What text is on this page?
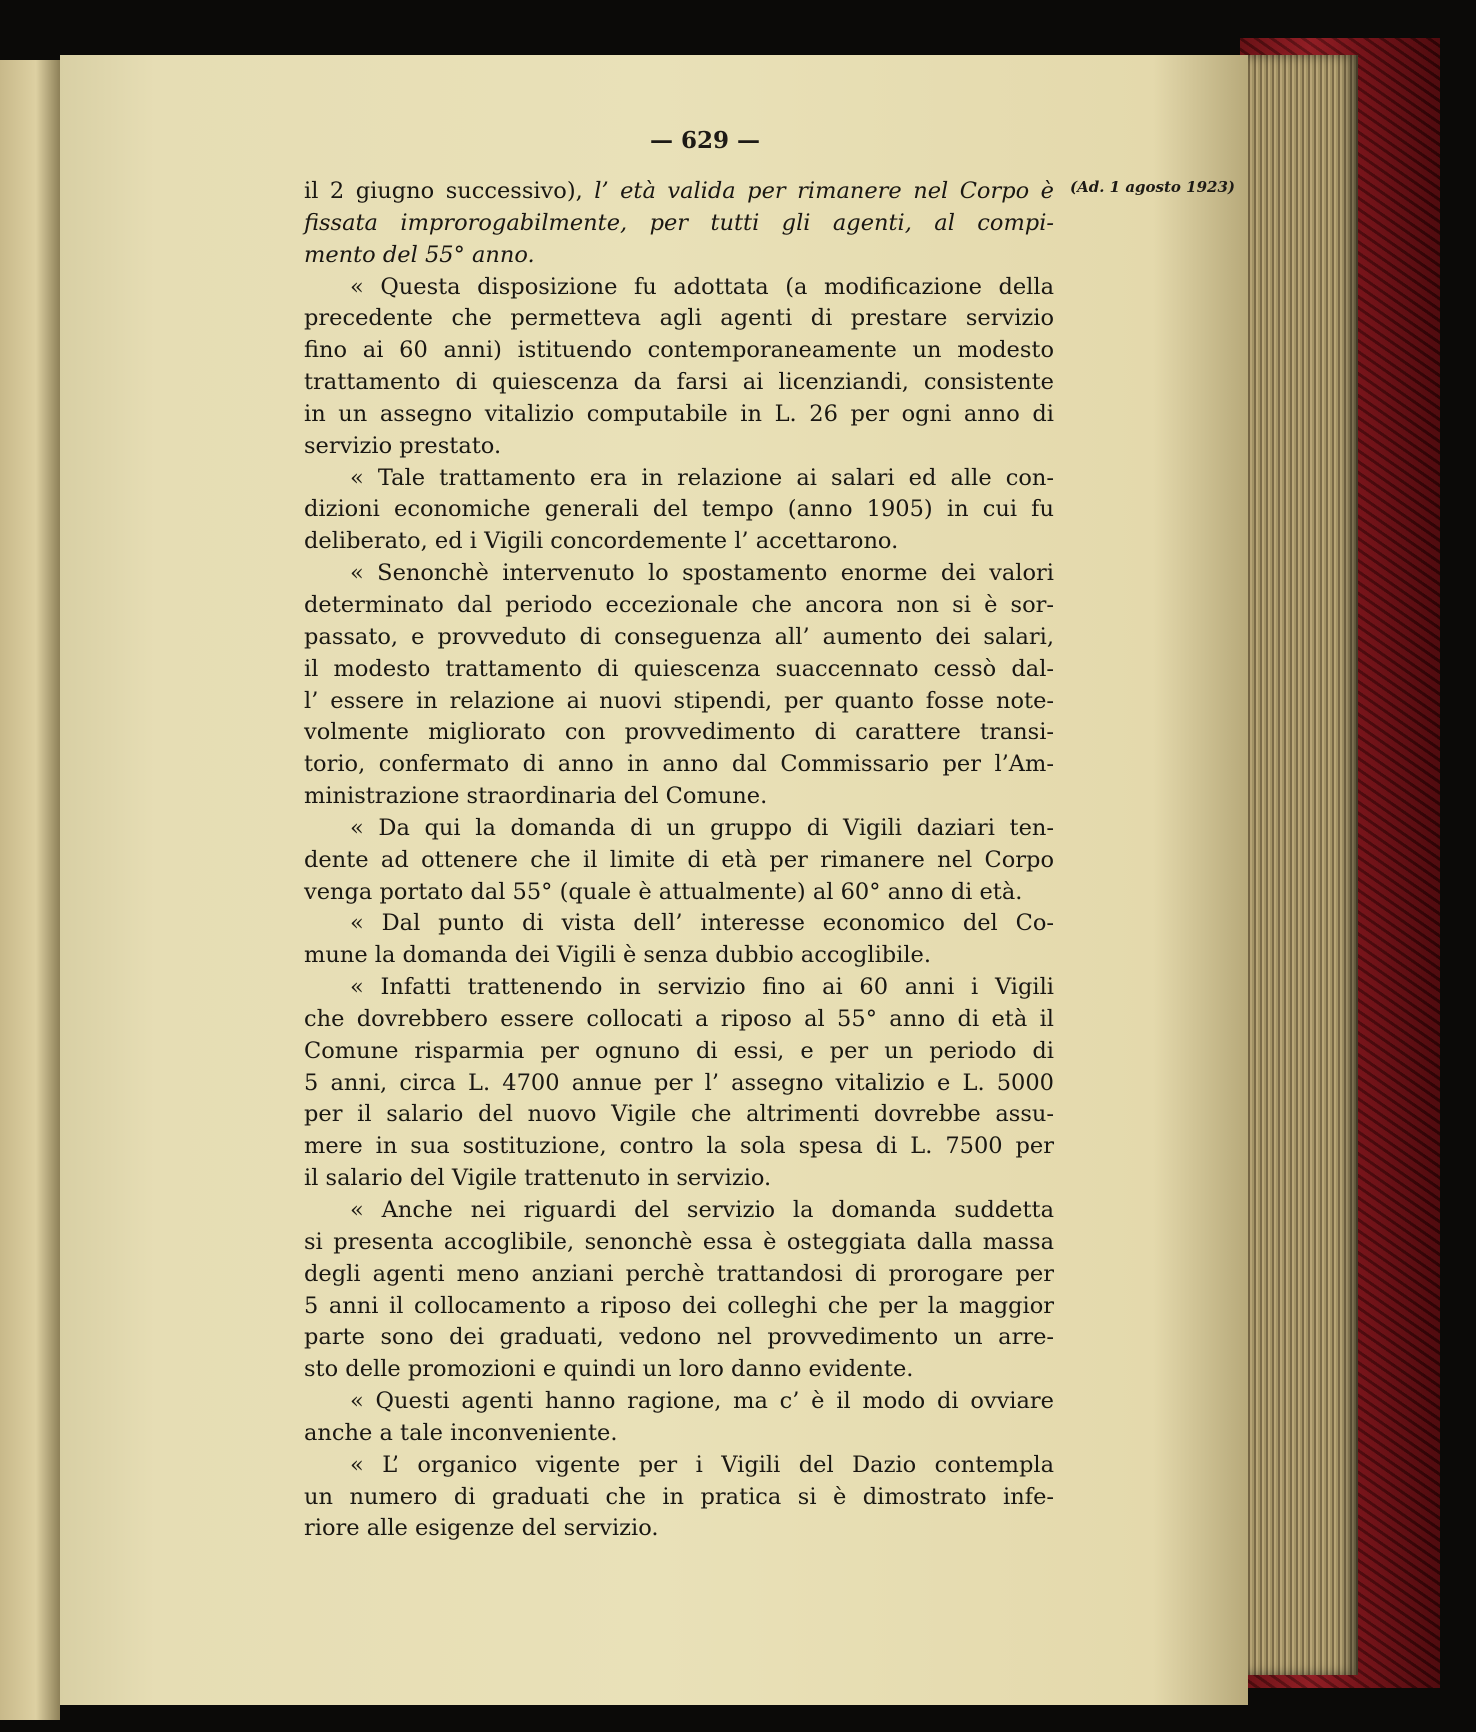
— 629 —
(Ad. 1 agosto 1923)
il 2 giugno successivo), l’ età valida per rimanere nel Corpo è
fissata improrogabilmente, per tutti gli agenti, al compi-
mento del 55° anno.
« Questa disposizione fu adottata (a modificazione della
precedente che permetteva agli agenti di prestare servizio
fino ai 60 anni) istituendo contemporaneamente un modesto
trattamento di quiescenza da farsi ai licenziandi, consistente
in un assegno vitalizio computabile in L. 26 per ogni anno di
servizio prestato.
« Tale trattamento era in relazione ai salari ed alle con-
dizioni economiche generali del tempo (anno 1905) in cui fu
deliberato, ed i Vigili concordemente l’ accettarono.
« Senonchè intervenuto lo spostamento enorme dei valori
determinato dal periodo eccezionale che ancora non si è sor-
passato, e provveduto di conseguenza all’ aumento dei salari,
il modesto trattamento di quiescenza suaccennato cessò dal-
l’ essere in relazione ai nuovi stipendi, per quanto fosse note-
volmente migliorato con provvedimento di carattere transi-
torio, confermato di anno in anno dal Commissario per l’Am-
ministrazione straordinaria del Comune.
« Da qui la domanda di un gruppo di Vigili daziari ten-
dente ad ottenere che il limite di età per rimanere nel Corpo
venga portato dal 55° (quale è attualmente) al 60° anno di età.
« Dal punto di vista dell’ interesse economico del Co-
mune la domanda dei Vigili è senza dubbio accoglibile.
« Infatti trattenendo in servizio fino ai 60 anni i Vigili
che dovrebbero essere collocati a riposo al 55° anno di età il
Comune risparmia per ognuno di essi, e per un periodo di
5 anni, circa L. 4700 annue per l’ assegno vitalizio e L. 5000
per il salario del nuovo Vigile che altrimenti dovrebbe assu-
mere in sua sostituzione, contro la sola spesa di L. 7500 per
il salario del Vigile trattenuto in servizio.
« Anche nei riguardi del servizio la domanda suddetta
si presenta accoglibile, senonchè essa è osteggiata dalla massa
degli agenti meno anziani perchè trattandosi di prorogare per
5 anni il collocamento a riposo dei colleghi che per la maggior
parte sono dei graduati, vedono nel provvedimento un arre-
sto delle promozioni e quindi un loro danno evidente.
« Questi agenti hanno ragione, ma c’ è il modo di ovviare
anche a tale inconveniente.
« L’ organico vigente per i Vigili del Dazio contempla
un numero di graduati che in pratica si è dimostrato infe-
riore alle esigenze del servizio.
